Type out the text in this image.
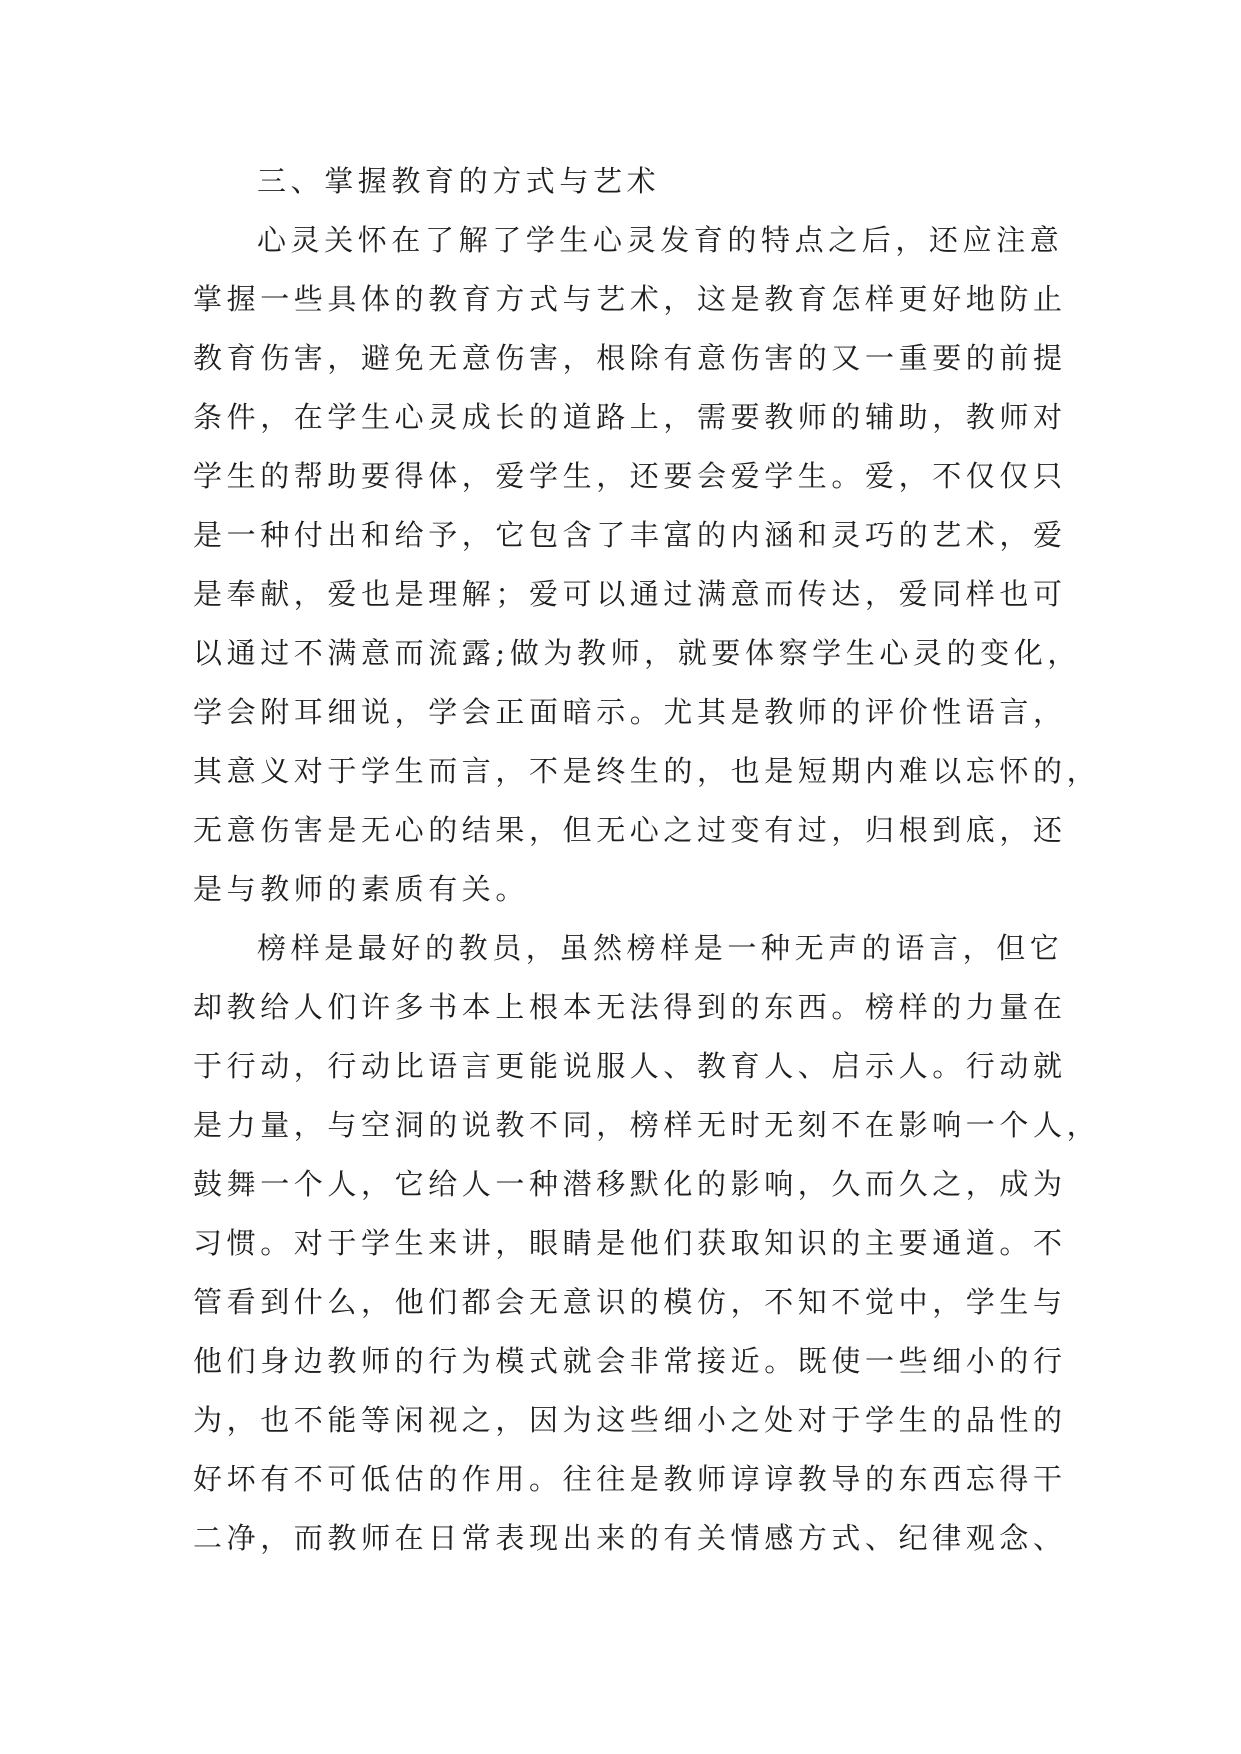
三、掌握教育的方式与艺术
心灵关怀在了解了学生心灵发育的特点之后，还应注意
掌握一些具体的教育方式与艺术，这是教育怎样更好地防止
教育伤害，避免无意伤害，根除有意伤害的又一重要的前提
条件，在学生心灵成长的道路上，需要教师的辅助，教师对
学生的帮助要得体，爱学生，还要会爱学生。爱，不仅仅只
是一种付出和给予，它包含了丰富的内涵和灵巧的艺术，爱
是奉献，爱也是理解；爱可以通过满意而传达，爱同样也可
以通过不满意而流露;做为教师，就要体察学生心灵的变化，
学会附耳细说，学会正面暗示。尤其是教师的评价性语言，
其意义对于学生而言，不是终生的，也是短期内难以忘怀的，
无意伤害是无心的结果，但无心之过变有过，归根到底，还
是与教师的素质有关。
榜样是最好的教员，虽然榜样是一种无声的语言，但它
却教给人们许多书本上根本无法得到的东西。榜样的力量在
于行动，行动比语言更能说服人、教育人、启示人。行动就
是力量，与空洞的说教不同，榜样无时无刻不在影响一个人，
鼓舞一个人，它给人一种潜移默化的影响，久而久之，成为
习惯。对于学生来讲，眼睛是他们获取知识的主要通道。不
管看到什么，他们都会无意识的模仿，不知不觉中，学生与
他们身边教师的行为模式就会非常接近。既使一些细小的行
为，也不能等闲视之，因为这些细小之处对于学生的品性的
好坏有不可低估的作用。往往是教师谆谆教导的东西忘得干
二净，而教师在日常表现出来的有关情感方式、纪律观念、
